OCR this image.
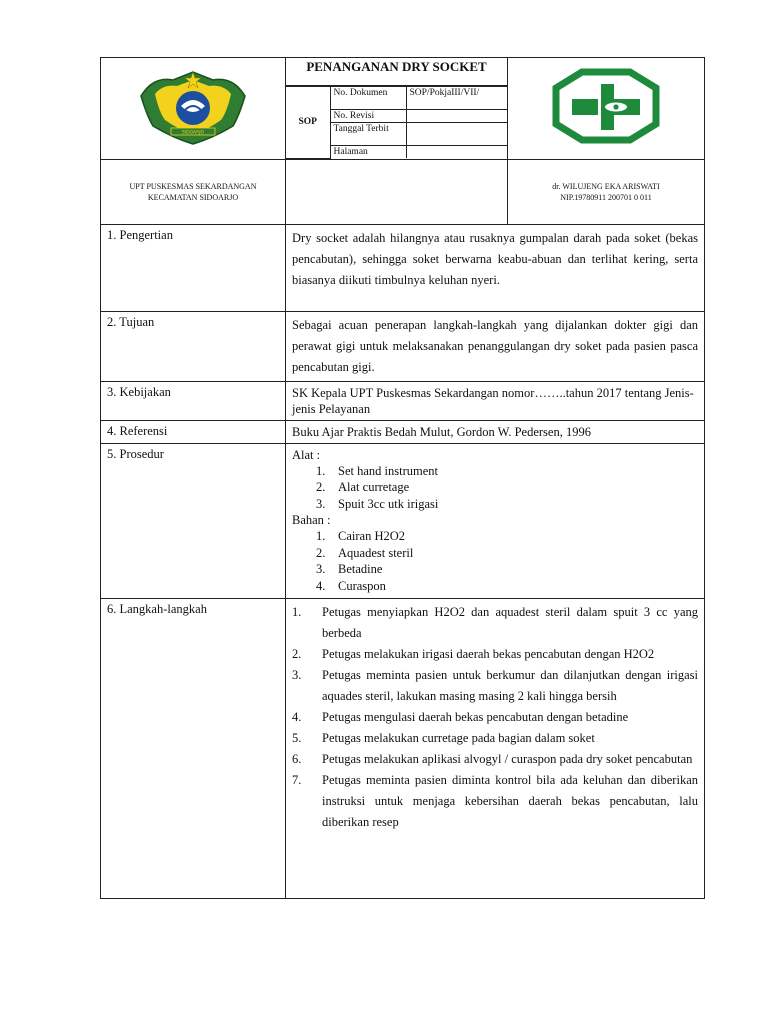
SIDOARJO

PENANGANAN DRY SOCKET
SOP	No. Dokumen	SOP/PokjaIII/VII/
No. Revisi	
Tanggal Terbit	
Halaman	

UPT PUSKESMAS SEKARDANGAN
KECAMATAN SIDOARJO

dr. WILUJENG EKA ARISWATI
NIP.19780911 200701 0 011

1. Pengertian	Dry socket adalah hilangnya atau rusaknya gumpalan darah pada soket (bekas pencabutan), sehingga soket berwarna keabu-abuan dan terlihat kering, serta biasanya diikuti timbulnya keluhan nyeri.
2. Tujuan	Sebagai acuan penerapan langkah-langkah yang dijalankan dokter gigi dan perawat gigi untuk melaksanakan penanggulangan dry soket pada pasien pasca pencabutan gigi.
3. Kebijakan	SK Kepala UPT Puskesmas Sekardangan nomor……..tahun 2017 tentang Jenis-jenis Pelayanan
4. Referensi	Buku Ajar Praktis Bedah Mulut, Gordon W. Pedersen, 1996
5. Prosedur	Alat :
1. Set hand instrument
2. Alat curretage
3. Spuit 3cc utk irigasi
Bahan :
1. Cairan H2O2
2. Aquadest steril
3. Betadine
4. Curaspon

6. Langkah-langkah	1.	Petugas menyiapkan H2O2 dan aquadest steril dalam spuit 3 cc yang berbeda
2.	Petugas melakukan irigasi daerah bekas pencabutan dengan H2O2
3.	Petugas meminta pasien untuk berkumur dan dilanjutkan dengan irigasi aquades steril, lakukan masing masing 2 kali hingga bersih
4.	Petugas mengulasi daerah bekas pencabutan dengan betadine
5.	Petugas melakukan curretage pada bagian dalam soket
6.	Petugas melakukan aplikasi alvogyl / curaspon pada dry soket pencabutan
7.	Petugas meminta pasien diminta kontrol bila ada keluhan dan diberikan instruksi untuk menjaga kebersihan daerah bekas pencabutan, lalu diberikan resep
